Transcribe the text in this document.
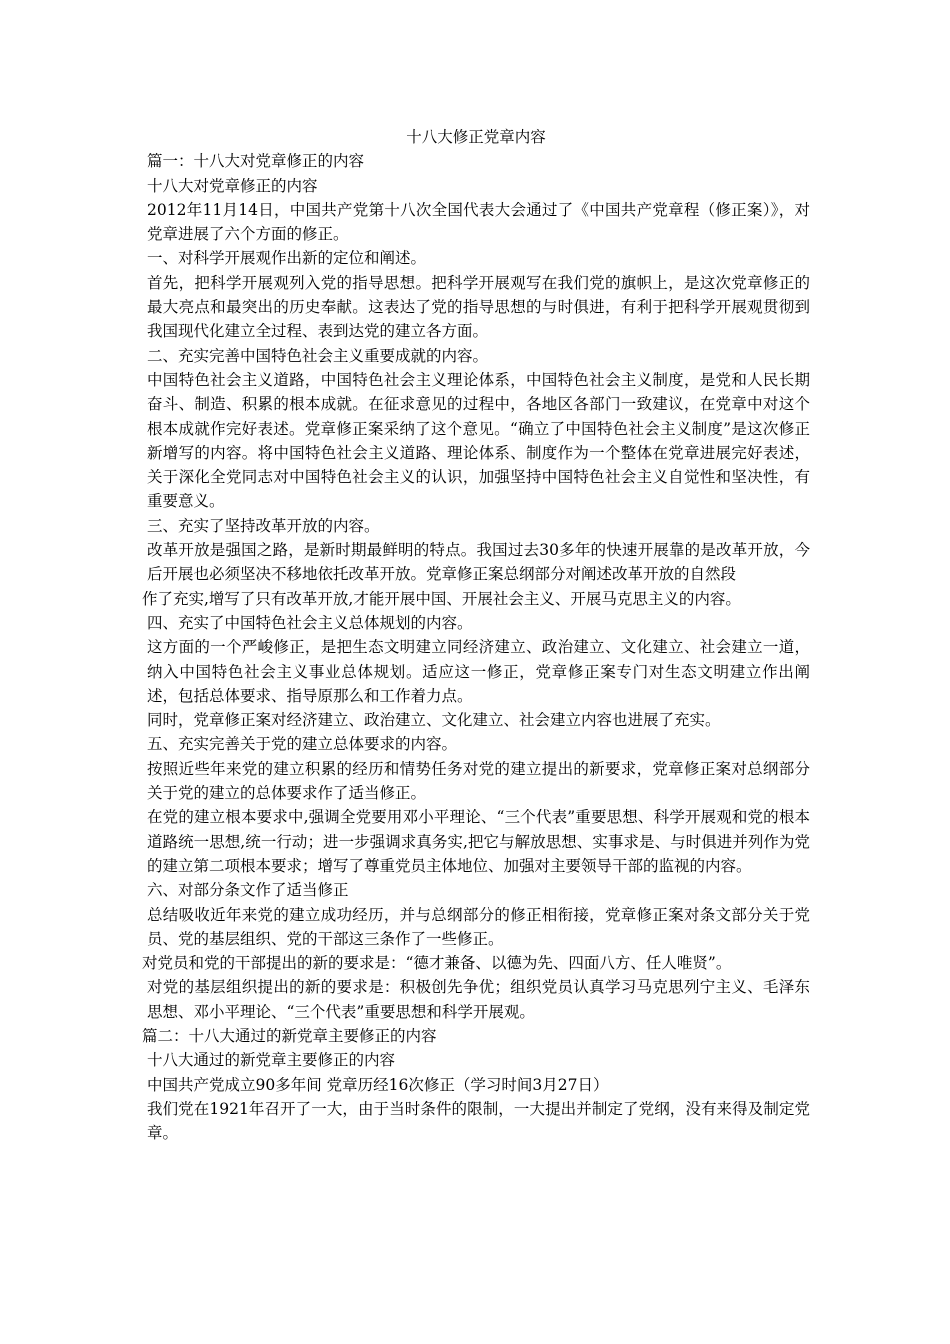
十八大修正党章内容

篇一：十八大对党章修正的内容

十八大对党章修正的内容

2012年11月14日，中国共产党第十八次全国代表大会通过了《中国共产党章程（修正案）》，对党章进展了六个方面的修正。

一、对科学开展观作出新的定位和阐述。

首先，把科学开展观列入党的指导思想。把科学开展观写在我们党的旗帜上，是这次党章修正的最大亮点和最突出的历史奉献。这表达了党的指导思想的与时俱进，有利于把科学开展观贯彻到我国现代化建立全过程、表到达党的建立各方面。

二、充实完善中国特色社会主义重要成就的内容。

中国特色社会主义道路，中国特色社会主义理论体系，中国特色社会主义制度，是党和人民长期奋斗、制造、积累的根本成就。在征求意见的过程中，各地区各部门一致建议，在党章中对这个根本成就作完好表述。党章修正案采纳了这个意见。“确立了中国特色社会主义制度”是这次修正新增写的内容。将中国特色社会主义道路、理论体系、制度作为一个整体在党章进展完好表述，关于深化全党同志对中国特色社会主义的认识，加强坚持中国特色社会主义自觉性和坚决性，有重要意义。

三、充实了坚持改革开放的内容。

改革开放是强国之路，是新时期最鲜明的特点。我国过去30多年的快速开展靠的是改革开放，今后开展也必须坚决不移地依托改革开放。党章修正案总纲部分对阐述改革开放的自然段

作了充实,增写了只有改革开放,才能开展中国、开展社会主义、开展马克思主义的内容。

四、充实了中国特色社会主义总体规划的内容。

这方面的一个严峻修正，是把生态文明建立同经济建立、政治建立、文化建立、社会建立一道，纳入中国特色社会主义事业总体规划。适应这一修正，党章修正案专门对生态文明建立作出阐述，包括总体要求、指导原那么和工作着力点。

同时，党章修正案对经济建立、政治建立、文化建立、社会建立内容也进展了充实。

五、充实完善关于党的建立总体要求的内容。

按照近些年来党的建立积累的经历和情势任务对党的建立提出的新要求，党章修正案对总纲部分关于党的建立的总体要求作了适当修正。

在党的建立根本要求中,强调全党要用邓小平理论、“三个代表”重要思想、科学开展观和党的根本道路统一思想,统一行动；进一步强调求真务实,把它与解放思想、实事求是、与时俱进并列作为党的建立第二项根本要求；增写了尊重党员主体地位、加强对主要领导干部的监视的内容。

六、对部分条文作了适当修正

总结吸收近年来党的建立成功经历，并与总纲部分的修正相衔接，党章修正案对条文部分关于党员、党的基层组织、党的干部这三条作了一些修正。

对党员和党的干部提出的新的要求是：“德才兼备、以德为先、四面八方、任人唯贤”。

对党的基层组织提出的新的要求是：积极创先争优；组织党员认真学习马克思列宁主义、毛泽东思想、邓小平理论、“三个代表”重要思想和科学开展观。

篇二：十八大通过的新党章主要修正的内容

十八大通过的新党章主要修正的内容

中国共产党成立90多年间 党章历经16次修正（学习时间3月27日）

我们党在1921年召开了一大，由于当时条件的限制，一大提出并制定了党纲，没有来得及制定党章。
